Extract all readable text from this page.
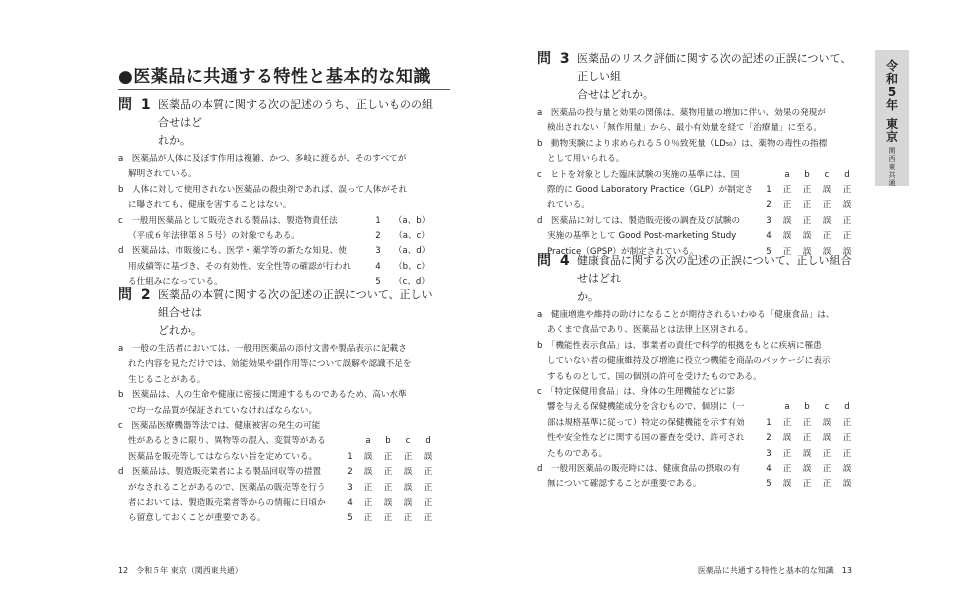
●医薬品に共通する特性と基本的な知識
問 1 医薬品の本質に関する次の記述のうち、正しいものの組合せはど
れか。
a　医薬品が人体に及ぼす作用は複雑、かつ、多岐に渡るが、そのすべてが
解明されている。
b　人体に対して使用されない医薬品の殺虫剤であれば、誤って人体がそれ
に曝されても、健康を害することはない。
c　一般用医薬品として販売される製品は、製造物責任法
（平成６年法律第８５号）の対象でもある。
d　医薬品は、市販後にも、医学・薬学等の新たな知見、使
用成績等に基づき、その有効性、安全性等の確認が行われ
る仕組みになっている。
1	（a、b）
2	（a、c）
3	（a、d）
4	（b、c）
5	（c、d）
問 2 医薬品の本質に関する次の記述の正誤について、正しい組合せは
どれか。
a　一般の生活者においては、一般用医薬品の添付文書や製品表示に記載さ
れた内容を見ただけでは、効能効果や副作用等について誤解や認識不足を
生じることがある。
b　医薬品は、人の生命や健康に密接に関連するものであるため、高い水準
で均一な品質が保証されていなければならない。
c　医薬品医療機器等法では、健康被害の発生の可能
性があるときに限り、異物等の混入、変質等がある
医薬品を販売等してはならない旨を定めている。
d　医薬品は、製造販売業者による製品回収等の措置
がなされることがあるので、医薬品の販売等を行う
者においては、製造販売業者等からの情報に日頃か
ら留意しておくことが重要である。
a	b	c	d
1	誤	正	正	誤
2	誤	正	誤	正
3	正	正	誤	正
4	正	誤	誤	正
5	正	正	正	正
問 3 医薬品のリスク評価に関する次の記述の正誤について、正しい組
合せはどれか。
a　医薬品の投与量と効果の関係は、薬物用量の増加に伴い、効果の発現が
検出されない「無作用量」から、最小有効量を経て「治療量」に至る。
b　動物実験により求められる５０％致死量（LD₅₀）は、薬物の毒性の指標
として用いられる。
c　ヒトを対象とした臨床試験の実施の基準には、国
際的に Good Laboratory Practice（GLP）が制定さ
れている。
d　医薬品に対しては、製造販売後の調査及び試験の
実施の基準として Good Post-marketing Study
Practice（GPSP）が制定されている。
a	b	c	d
1	正	正	誤	正
2	正	正	正	誤
3	誤	正	誤	正
4	誤	誤	正	正
5	正	誤	誤	誤
問 4 健康食品に関する次の記述の正誤について、正しい組合せはどれ
か。
a　健康増進や維持の助けになることが期待されるいわゆる「健康食品」は、
あくまで食品であり、医薬品とは法律上区別される。
b　「機能性表示食品」は、事業者の責任で科学的根拠をもとに疾病に罹患
していない者の健康維持及び増進に役立つ機能を商品のパッケージに表示
するものとして、国の個別の許可を受けたものである。
c　「特定保健用食品」は、身体の生理機能などに影
響を与える保健機能成分を含むもので、個別に（一
部は規格基準に従って）特定の保健機能を示す有効
性や安全性などに関する国の審査を受け、許可され
たものである。
d　一般用医薬品の販売時には、健康食品の摂取の有
無について確認することが重要である。
a	b	c	d
1	正	正	誤	正
2	誤	正	誤	正
3	正	誤	正	正
4	正	誤	正	誤
5	誤	正	正	誤
令
和
5
年
東
京
関
西
東
共
通
12　令和５年 東京（関西東共通）	医薬品に共通する特性と基本的な知識　13
